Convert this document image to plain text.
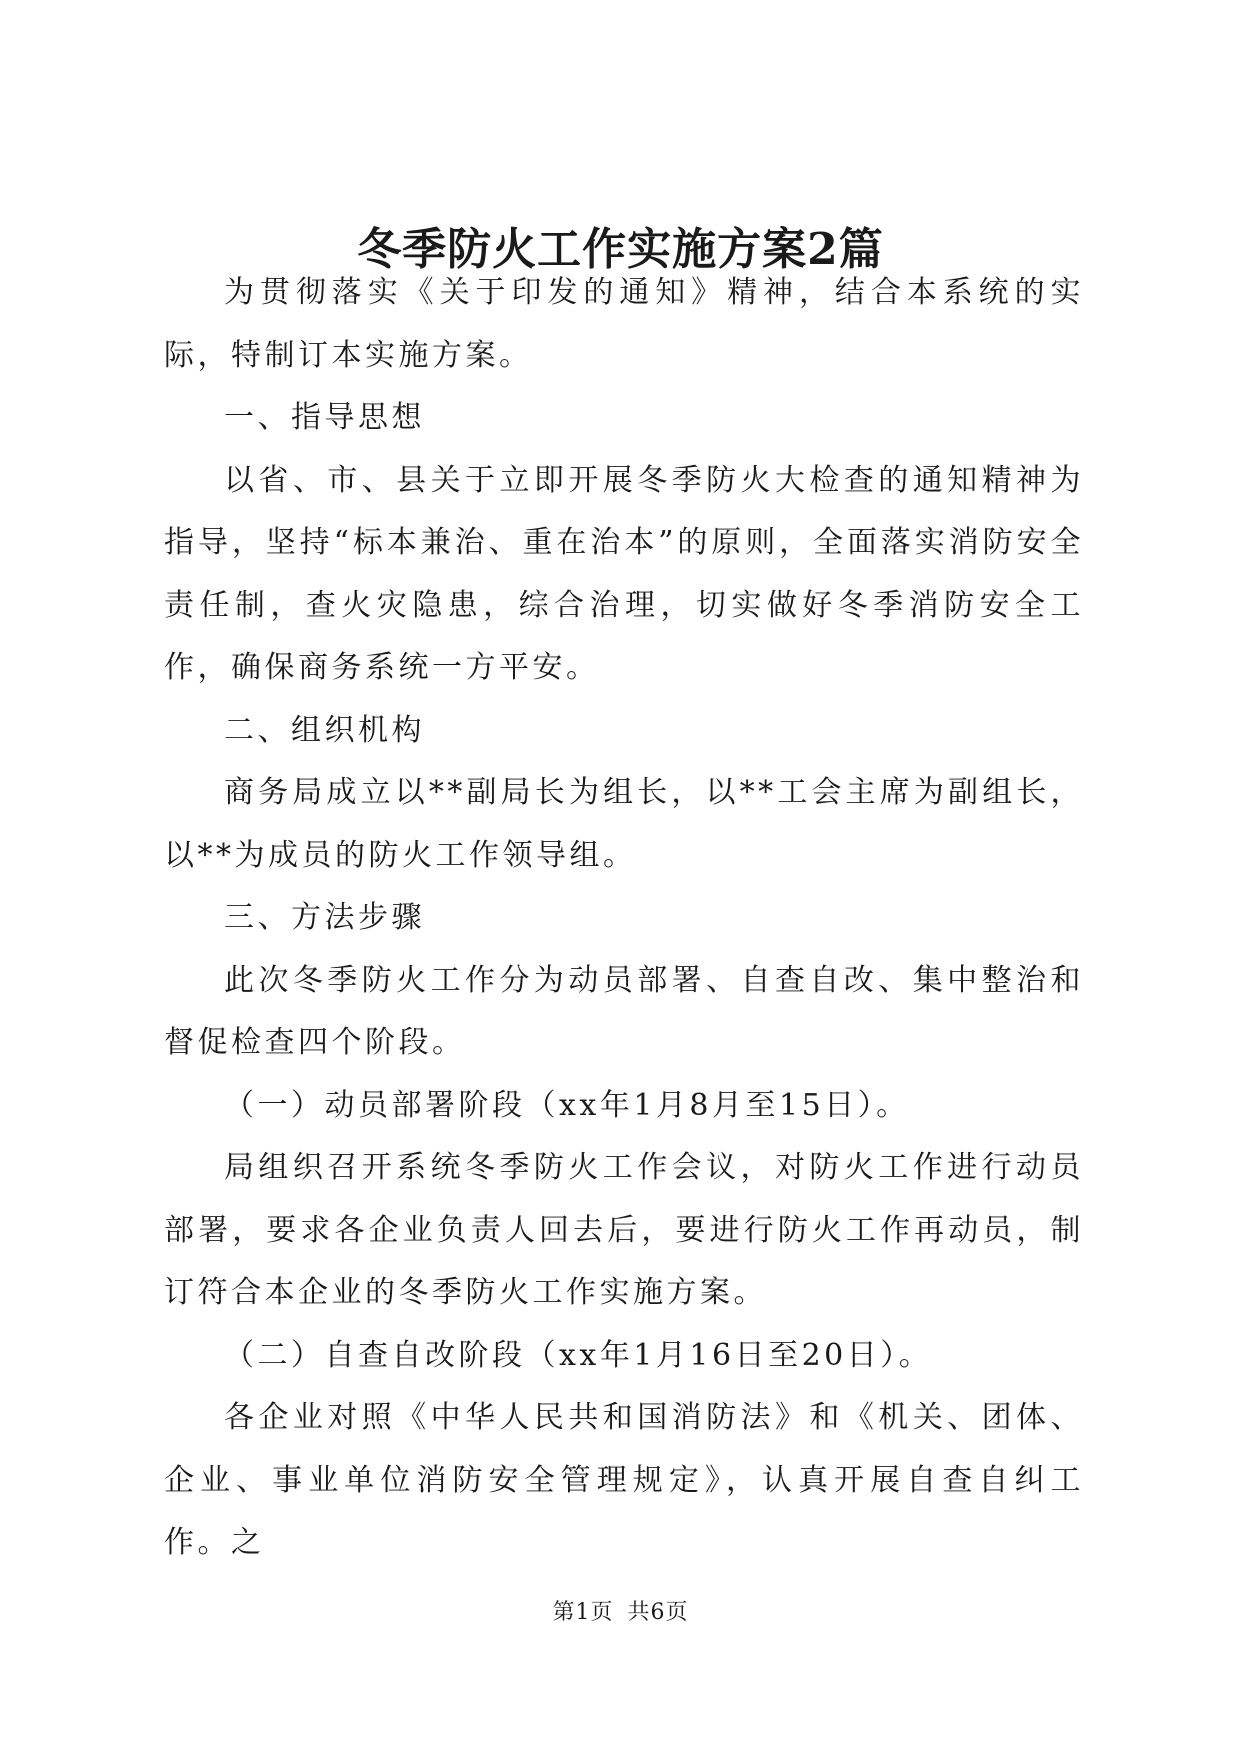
冬季防火工作实施方案2篇

为贯彻落实《关于印发的通知》精神，结合本系统的实际，特制订本实施方案。

一、指导思想

以省、市、县关于立即开展冬季防火大检查的通知精神为指导，坚持“标本兼治、重在治本”的原则，全面落实消防安全责任制，查火灾隐患，综合治理，切实做好冬季消防安全工作，确保商务系统一方平安。

二、组织机构

商务局成立以**副局长为组长，以**工会主席为副组长，以**为成员的防火工作领导组。

三、方法步骤

此次冬季防火工作分为动员部署、自查自改、集中整治和督促检查四个阶段。

（一）动员部署阶段（xx年1月8月至15日）。

局组织召开系统冬季防火工作会议，对防火工作进行动员部署，要求各企业负责人回去后，要进行防火工作再动员，制订符合本企业的冬季防火工作实施方案。

（二）自查自改阶段（xx年1月16日至20日）。

各企业对照《中华人民共和国消防法》和《机关、团体、企业、事业单位消防安全管理规定》，认真开展自查自纠工作。之

第1页 共6页
